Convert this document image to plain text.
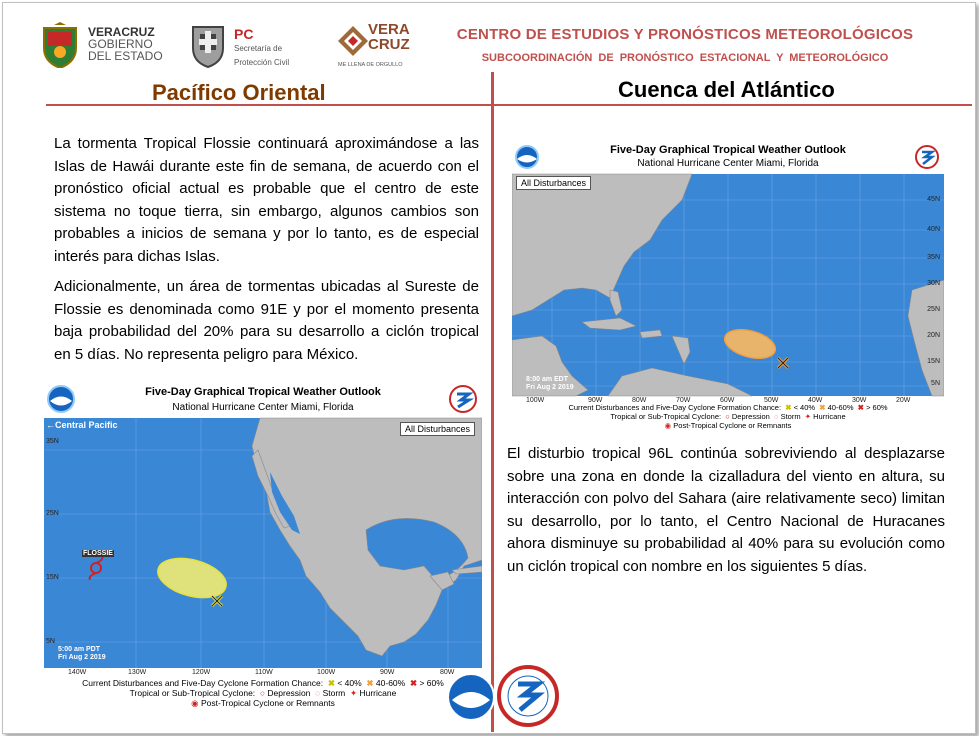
VERACRUZ
GOBIERNO
DEL ESTADO
PC
Secretaría de
Protección Civil
VERA
CRUZ
ME LLENA DE ORGULLO
CENTRO DE ESTUDIOS Y PRONÓSTICOS METEOROLÓGICOS
SUBCOORDINACIÓN DE PRONÓSTICO ESTACIONAL Y METEOROLÓGICO
Pacífico Oriental	Cuenca del Atlántico
La tormenta Tropical Flossie continuará aproximándose a las Islas de Hawái durante este fin de semana, de acuerdo con el pronóstico oficial actual es probable que el centro de este sistema no toque tierra, sin embargo, algunos cambios son probables a inicios de semana y por lo tanto, es de especial interés para dichas Islas.
Adicionalmente, un área de tormentas ubicadas al Sureste de Flossie es denominada como 91E y por el momento presenta baja probabilidad del 20% para su desarrollo a ciclón tropical en 5 días. No representa peligro para México.
El disturbio tropical 96L continúa sobreviviendo al desplazarse sobre una zona en donde la cizalladura del viento en altura, su interacción con polvo del Sahara (aire relativamente seco) limitan su desarrollo, por lo tanto, el Centro Nacional de Huracanes ahora disminuye su probabilidad al 40% para su evolución como un ciclón tropical con nombre en los siguientes 5 días.
Five-Day Graphical Tropical Weather Outlook
National Hurricane Center Miami, Florida
All Disturbances
←Central Pacific
FLOSSIE
35N
25N
15N
5N
5:00 am PDT
Fri Aug 2 2019
140W	130W	120W	110W	100W	90W	80W
Current Disturbances and Five-Day Cyclone Formation Chance: ✖ < 40% ✖ 40-60% ✖ > 60%
Tropical or Sub-Tropical Cyclone: ○ Depression ◌ Storm ✦ Hurricane
◉ Post-Tropical Cyclone or Remnants
Five-Day Graphical Tropical Weather Outlook
National Hurricane Center Miami, Florida
All Disturbances
45N
40N
35N
30N
25N
20N
15N
5N
8:00 am EDT
Fri Aug 2 2019
100W	90W	80W	70W	60W	50W	40W	30W	20W
Current Disturbances and Five-Day Cyclone Formation Chance: ✖ < 40% ✖ 40-60% ✖ > 60%
Tropical or Sub-Tropical Cyclone: ○ Depression ◌ Storm ✦ Hurricane
◉ Post-Tropical Cyclone or Remnants
